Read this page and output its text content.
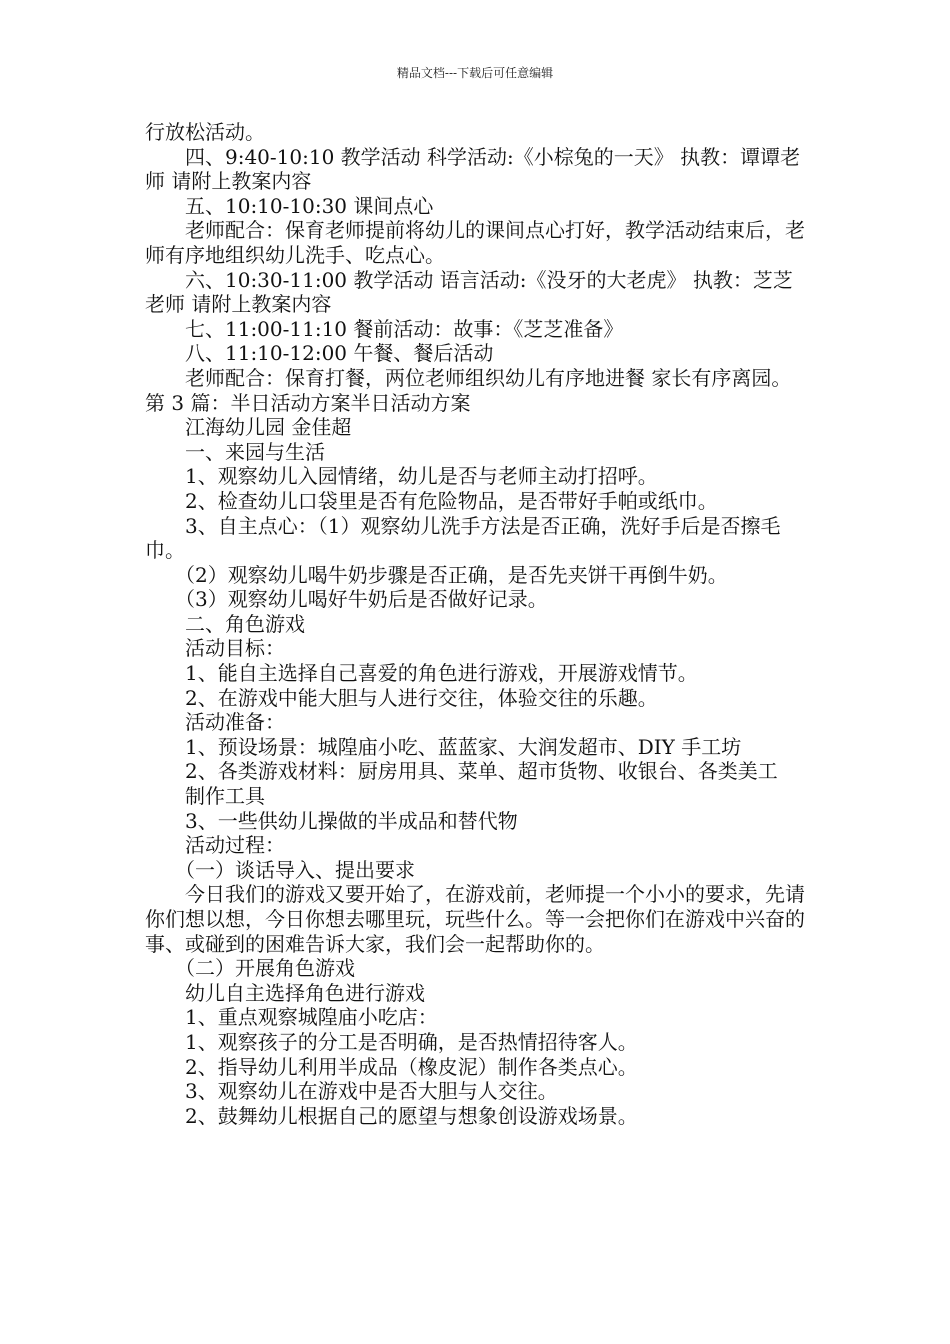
精品文档---下载后可任意编辑

行放松活动。

　　四、9:40-10:10 教学活动 科学活动:《小棕兔的一天》 执教：谭谭老师 请附上教案内容

　　五、10:10-10:30 课间点心

　　老师配合：保育老师提前将幼儿的课间点心打好，教学活动结束后，老师有序地组织幼儿洗手、吃点心。

　　六、10:30-11:00 教学活动 语言活动:《没牙的大老虎》 执教：芝芝老师 请附上教案内容

　　七、11:00-11:10 餐前活动：故事：《芝芝准备》

　　八、11:10-12:00 午餐、餐后活动

　　老师配合：保育打餐，两位老师组织幼儿有序地进餐 家长有序离园。第 3 篇：半日活动方案半日活动方案

　　江海幼儿园 金佳超

　　一、来园与生活

　　1、观察幼儿入园情绪，幼儿是否与老师主动打招呼。

　　2、检查幼儿口袋里是否有危险物品，是否带好手帕或纸巾。

　　3、自主点心：（1）观察幼儿洗手方法是否正确，洗好手后是否擦毛巾。

　　（2）观察幼儿喝牛奶步骤是否正确，是否先夹饼干再倒牛奶。

　　（3）观察幼儿喝好牛奶后是否做好记录。

　　二、角色游戏

　　活动目标：

　　1、能自主选择自己喜爱的角色进行游戏，开展游戏情节。

　　2、在游戏中能大胆与人进行交往，体验交往的乐趣。

　　活动准备：

　　1、预设场景：城隍庙小吃、蓝蓝家、大润发超市、DIY 手工坊

　　2、各类游戏材料：厨房用具、菜单、超市货物、收银台、各类美工

　　制作工具

　　3、一些供幼儿操做的半成品和替代物

　　活动过程：

　　（一）谈话导入、提出要求

　　今日我们的游戏又要开始了，在游戏前，老师提一个小小的要求，先请你们想以想，今日你想去哪里玩，玩些什么。等一会把你们在游戏中兴奋的事、或碰到的困难告诉大家，我们会一起帮助你的。

　　（二）开展角色游戏

　　幼儿自主选择角色进行游戏

　　1、重点观察城隍庙小吃店：

　　1、观察孩子的分工是否明确，是否热情招待客人。

　　2、指导幼儿利用半成品（橡皮泥）制作各类点心。

　　3、观察幼儿在游戏中是否大胆与人交往。

　　2、鼓舞幼儿根据自己的愿望与想象创设游戏场景。
